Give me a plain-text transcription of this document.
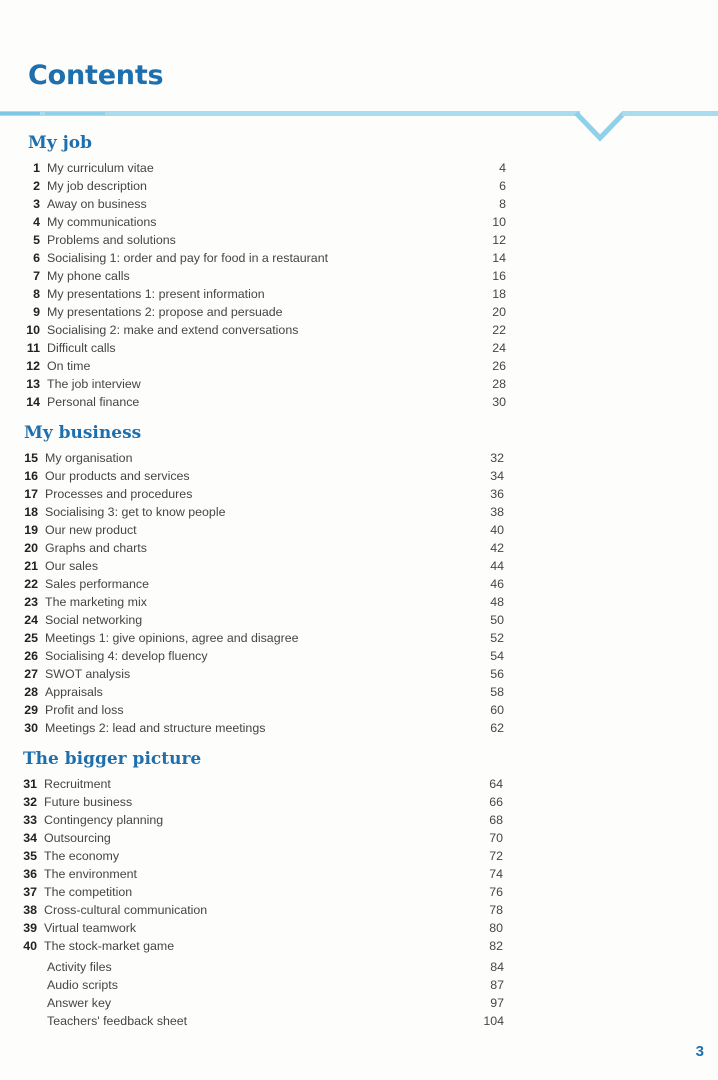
Contents
My job
1 My curriculum vitae	4
2 My job description	6
3 Away on business	8
4 My communications	10
5 Problems and solutions	12
6 Socialising 1: order and pay for food in a restaurant	14
7 My phone calls	16
8 My presentations 1: present information	18
9 My presentations 2: propose and persuade	20
10 Socialising 2: make and extend conversations	22
11 Difficult calls	24
12 On time	26
13 The job interview	28
14 Personal finance	30
My business
15 My organisation	32
16 Our products and services	34
17 Processes and procedures	36
18 Socialising 3: get to know people	38
19 Our new product	40
20 Graphs and charts	42
21 Our sales	44
22 Sales performance	46
23 The marketing mix	48
24 Social networking	50
25 Meetings 1: give opinions, agree and disagree	52
26 Socialising 4: develop fluency	54
27 SWOT analysis	56
28 Appraisals	58
29 Profit and loss	60
30 Meetings 2: lead and structure meetings	62
The bigger picture
31 Recruitment	64
32 Future business	66
33 Contingency planning	68
34 Outsourcing	70
35 The economy	72
36 The environment	74
37 The competition	76
38 Cross-cultural communication	78
39 Virtual teamwork	80
40 The stock-market game	82
Activity files	84
Audio scripts	87
Answer key	97
Teachers' feedback sheet	104
3
